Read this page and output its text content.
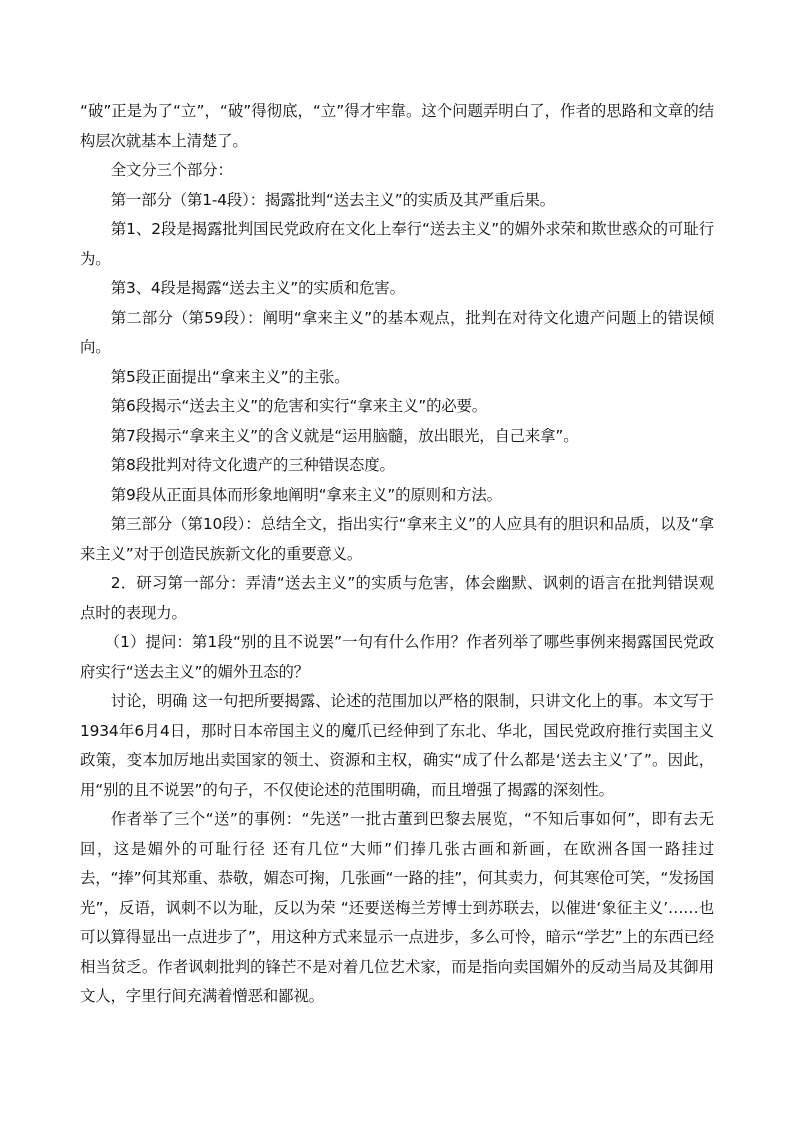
“破”正是为了“立”，“破”得彻底，“立”得才牢靠。这个问题弄明白了，作者的思路和文章的结构层次就基本上清楚了。

全文分三个部分：

第一部分（第1-4段）：揭露批判“送去主义”的实质及其严重后果。

第1、2段是揭露批判国民党政府在文化上奉行“送去主义”的媚外求荣和欺世惑众的可耻行为。

第3、4段是揭露“送去主义”的实质和危害。

第二部分（第59段）：阐明“拿来主义”的基本观点，批判在对待文化遗产问题上的错误倾向。

第5段正面提出“拿来主义”的主张。

第6段揭示“送去主义”的危害和实行“拿来主义”的必要。

第7段揭示“拿来主义”的含义就是“运用脑髓，放出眼光，自己来拿”。

第8段批判对待文化遗产的三种错误态度。

第9段从正面具体而形象地阐明“拿来主义”的原则和方法。

第三部分（第10段）：总结全文，指出实行“拿来主义”的人应具有的胆识和品质，以及“拿来主义”对于创造民族新文化的重要意义。

2．研习第一部分：弄清“送去主义”的实质与危害，体会幽默、讽刺的语言在批判错误观点时的表现力。

（1）提问：第1段“别的且不说罢”一句有什么作用？作者列举了哪些事例来揭露国民党政府实行“送去主义”的媚外丑态的？

讨论，明确 这一句把所要揭露、论述的范围加以严格的限制，只讲文化上的事。本文写于1934年6月4日，那时日本帝国主义的魔爪已经伸到了东北、华北，国民党政府推行卖国主义政策，变本加厉地出卖国家的领土、资源和主权，确实“成了什么都是‘送去主义’了”。因此，用“别的且不说罢”的句子，不仅使论述的范围明确，而且增强了揭露的深刻性。

作者举了三个“送”的事例：“先送”一批古董到巴黎去展览，“不知后事如何”，即有去无回，这是媚外的可耻行径 还有几位“大师”们捧几张古画和新画，在欧洲各国一路挂过去，“捧”何其郑重、恭敬，媚态可掬，几张画“一路的挂”，何其卖力，何其寒伧可笑，“发扬国光”，反语，讽刺不以为耻，反以为荣 “还要送梅兰芳博士到苏联去，以催进‘象征主义’……也可以算得显出一点进步了”，用这种方式来显示一点进步，多么可怜，暗示“学艺”上的东西已经相当贫乏。作者讽刺批判的锋芒不是对着几位艺术家，而是指向卖国媚外的反动当局及其御用文人，字里行间充满着憎恶和鄙视。
